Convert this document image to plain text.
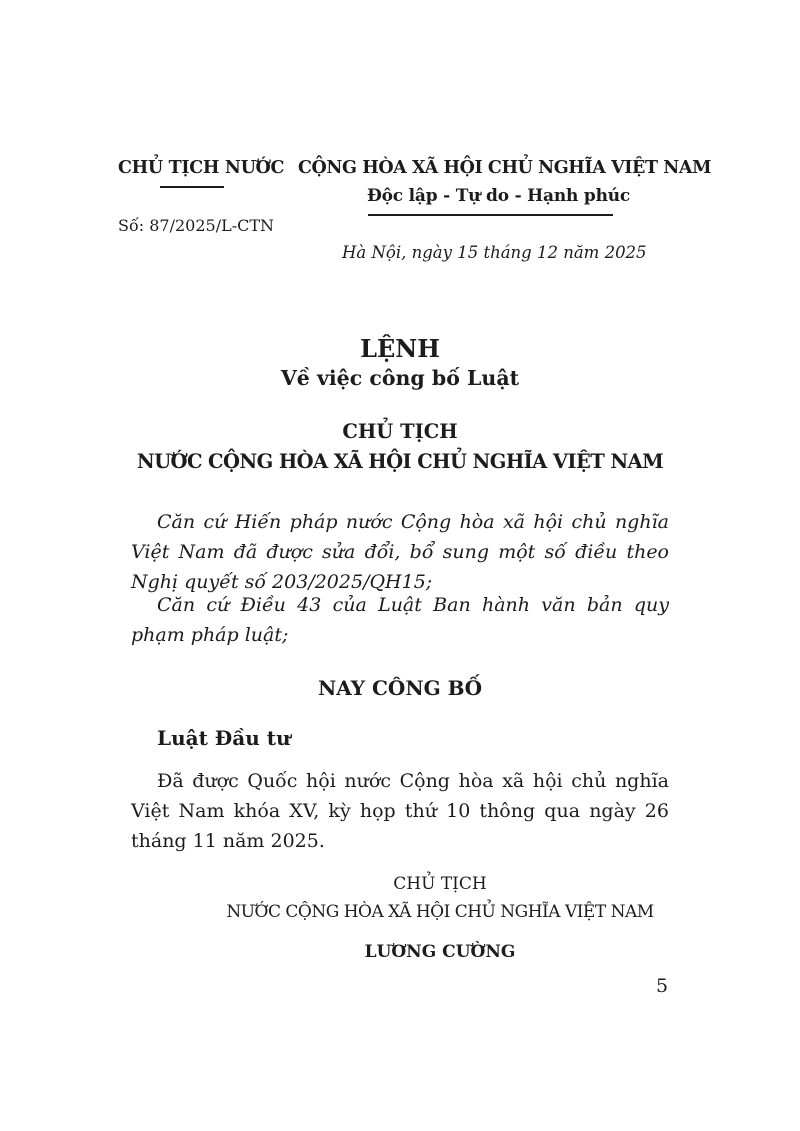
CHỦ TỊCH NƯỚC
Số: 87/2025/L-CTN
CỘNG HÒA XÃ HỘI CHỦ NGHĨA VIỆT NAM
Độc lập - Tự do - Hạnh phúc
Hà Nội, ngày 15 tháng 12 năm 2025
LỆNH
Về việc công bố Luật
CHỦ TỊCH
NƯỚC CỘNG HÒA XÃ HỘI CHỦ NGHĨA VIỆT NAM
Căn cứ Hiến pháp nước Cộng hòa xã hội chủ nghĩa
Việt Nam đã được sửa đổi, bổ sung một số điều theo
Nghị quyết số 203/2025/QH15;
Căn cứ Điều 43 của Luật Ban hành văn bản quy
phạm pháp luật;
NAY CÔNG BỐ
Luật Đầu tư
Đã được Quốc hội nước Cộng hòa xã hội chủ nghĩa
Việt Nam khóa XV, kỳ họp thứ 10 thông qua ngày 26
tháng 11 năm 2025.
CHỦ TỊCH
NƯỚC CỘNG HÒA XÃ HỘI CHỦ NGHĨA VIỆT NAM
LƯƠNG CƯỜNG
5
